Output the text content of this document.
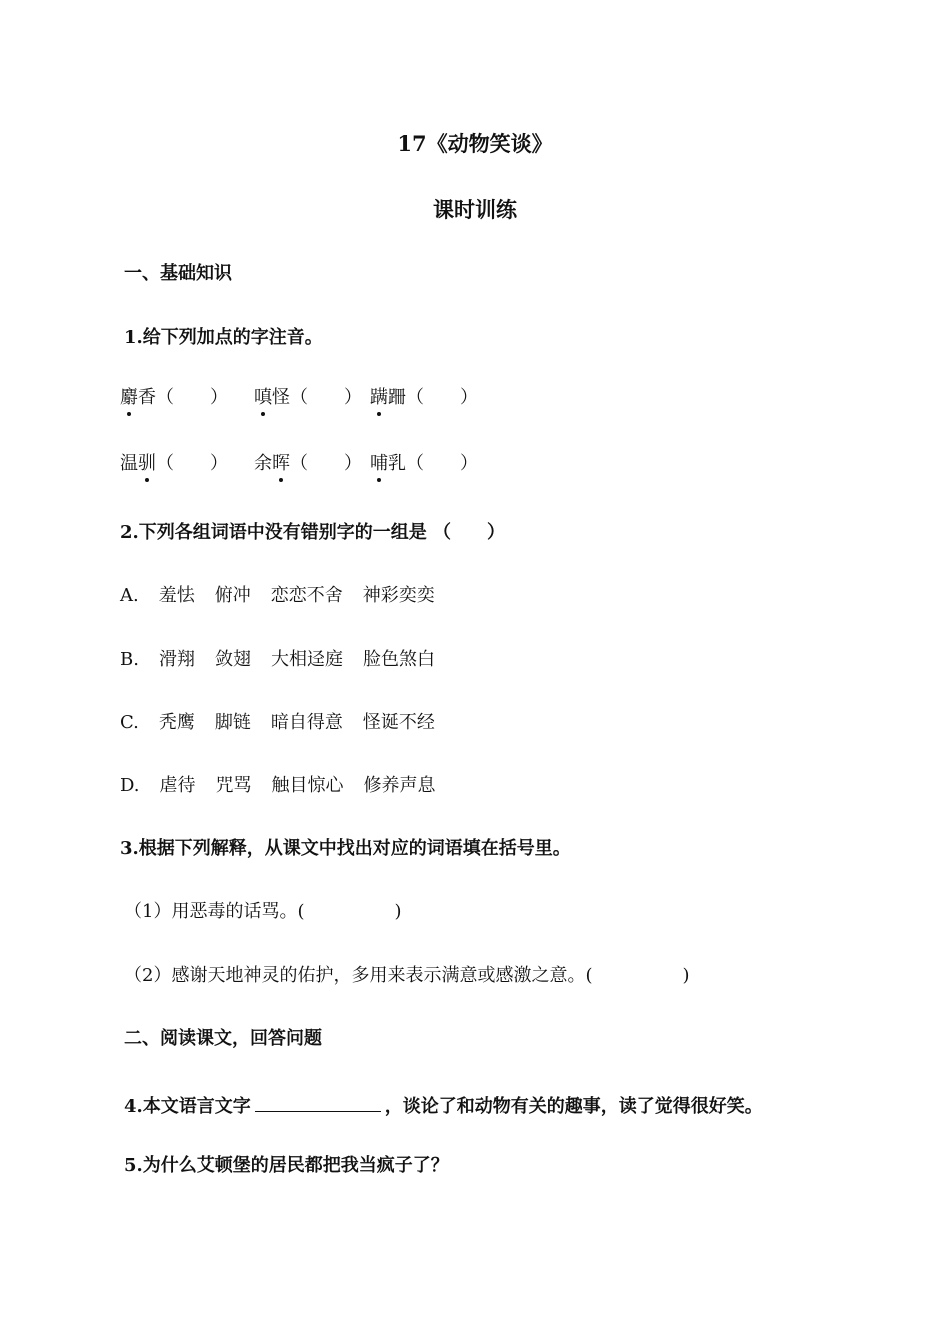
17《动物笑谈》
课时训练
一、基础知识
1.给下列加点的字注音。
麝香（　　）	嗔怪（　　） 蹒跚（　　）
温驯（　　）	余晖（　　） 哺乳（　　）
2.下列各组词语中没有错别字的一组是 （　　）
A. 羞怯 俯冲 恋恋不舍 神彩奕奕
B. 滑翔 敛翅 大相迳庭 脸色煞白
C. 秃鹰 脚链 暗自得意 怪诞不经
D. 虐待 咒骂 触目惊心 修养声息
3.根据下列解释，从课文中找出对应的词语填在括号里。
（1）用恶毒的话骂。(　　　　　)
（2）感谢天地神灵的佑护，多用来表示满意或感激之意。(　　　　　)
二、阅读课文，回答问题
4.本文语言文字	，谈论了和动物有关的趣事，读了觉得很好笑。
5.为什么艾顿堡的居民都把我当疯子了？
